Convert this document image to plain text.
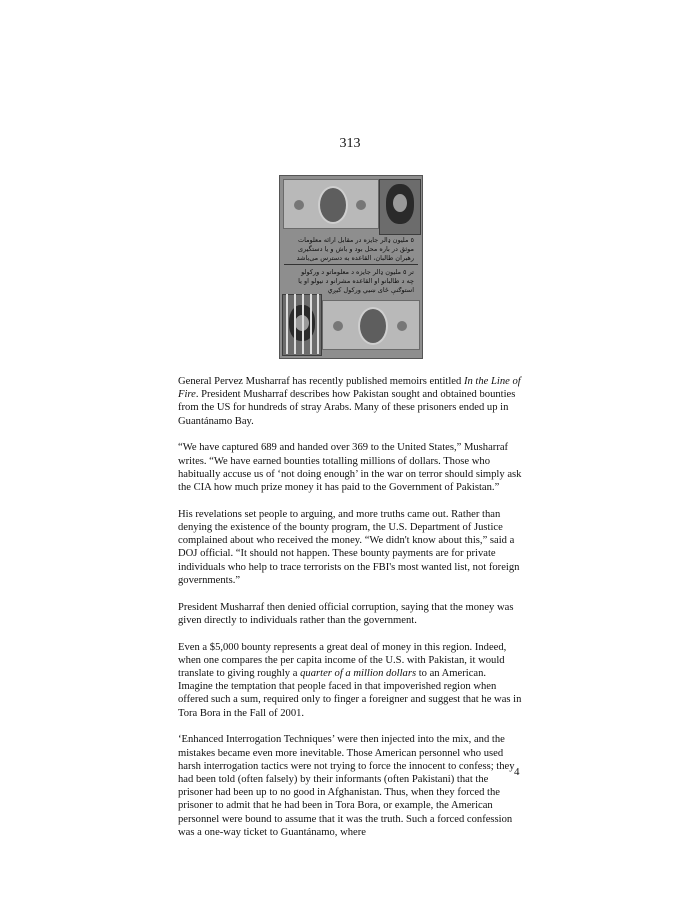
313
٥ ملیون ډالر جايزه در مقابل ارائه معلومات
موثق در باره محل بود و باش و یا دستگیری
رهبران طالبان، القاعده به دسترس می‌باشد
تر ٥ ملیون ډالر جایزه د معلوماتو د ورکولو
چه د طالبانو او القاعده مشرانو د نیولو او یا
استوګنې ځای ښيي ورکول کيږي

General Pervez Musharraf has recently published memoirs entitled In the Line of Fire. President Musharraf describes how Pakistan sought and obtained bounties from the US for hundreds of stray Arabs. Many of these prisoners ended up in Guantánamo Bay.

“We have captured 689 and handed over 369 to the United States,” Musharraf writes. “We have earned bounties totalling millions of dollars. Those who habitually accuse us of ‘not doing enough’ in the war on terror should simply ask the CIA how much prize money it has paid to the Government of Pakistan.”

His revelations set people to arguing, and more truths came out. Rather than denying the existence of the bounty program, the U.S. Department of Justice complained about who received the money. “We didn't know about this,” said a DOJ official. “It should not happen. These bounty payments are for private individuals who help to trace terrorists on the FBI's most wanted list, not foreign governments.”

President Musharraf then denied official corruption, saying that the money was given directly to individuals rather than the government.

Even a $5,000 bounty represents a great deal of money in this region. Indeed, when one compares the per capita income of the U.S. with Pakistan, it would translate to giving roughly a quarter of a million dollars to an American. Imagine the temptation that people faced in that impoverished region when offered such a sum, required only to finger a foreigner and suggest that he was in Tora Bora in the Fall of 2001.

‘Enhanced Interrogation Techniques’ were then injected into the mix, and the mistakes became even more inevitable. Those American personnel who used harsh interrogation tactics were not trying to force the innocent to confess; they had been told (often falsely) by their informants (often Pakistani) that the prisoner had been up to no good in Afghanistan. Thus, when they forced the prisoner to admit that he had been in Tora Bora, or example, the American personnel were bound to assume that it was the truth. Such a forced confession was a one-way ticket to Guantánamo, where

4
